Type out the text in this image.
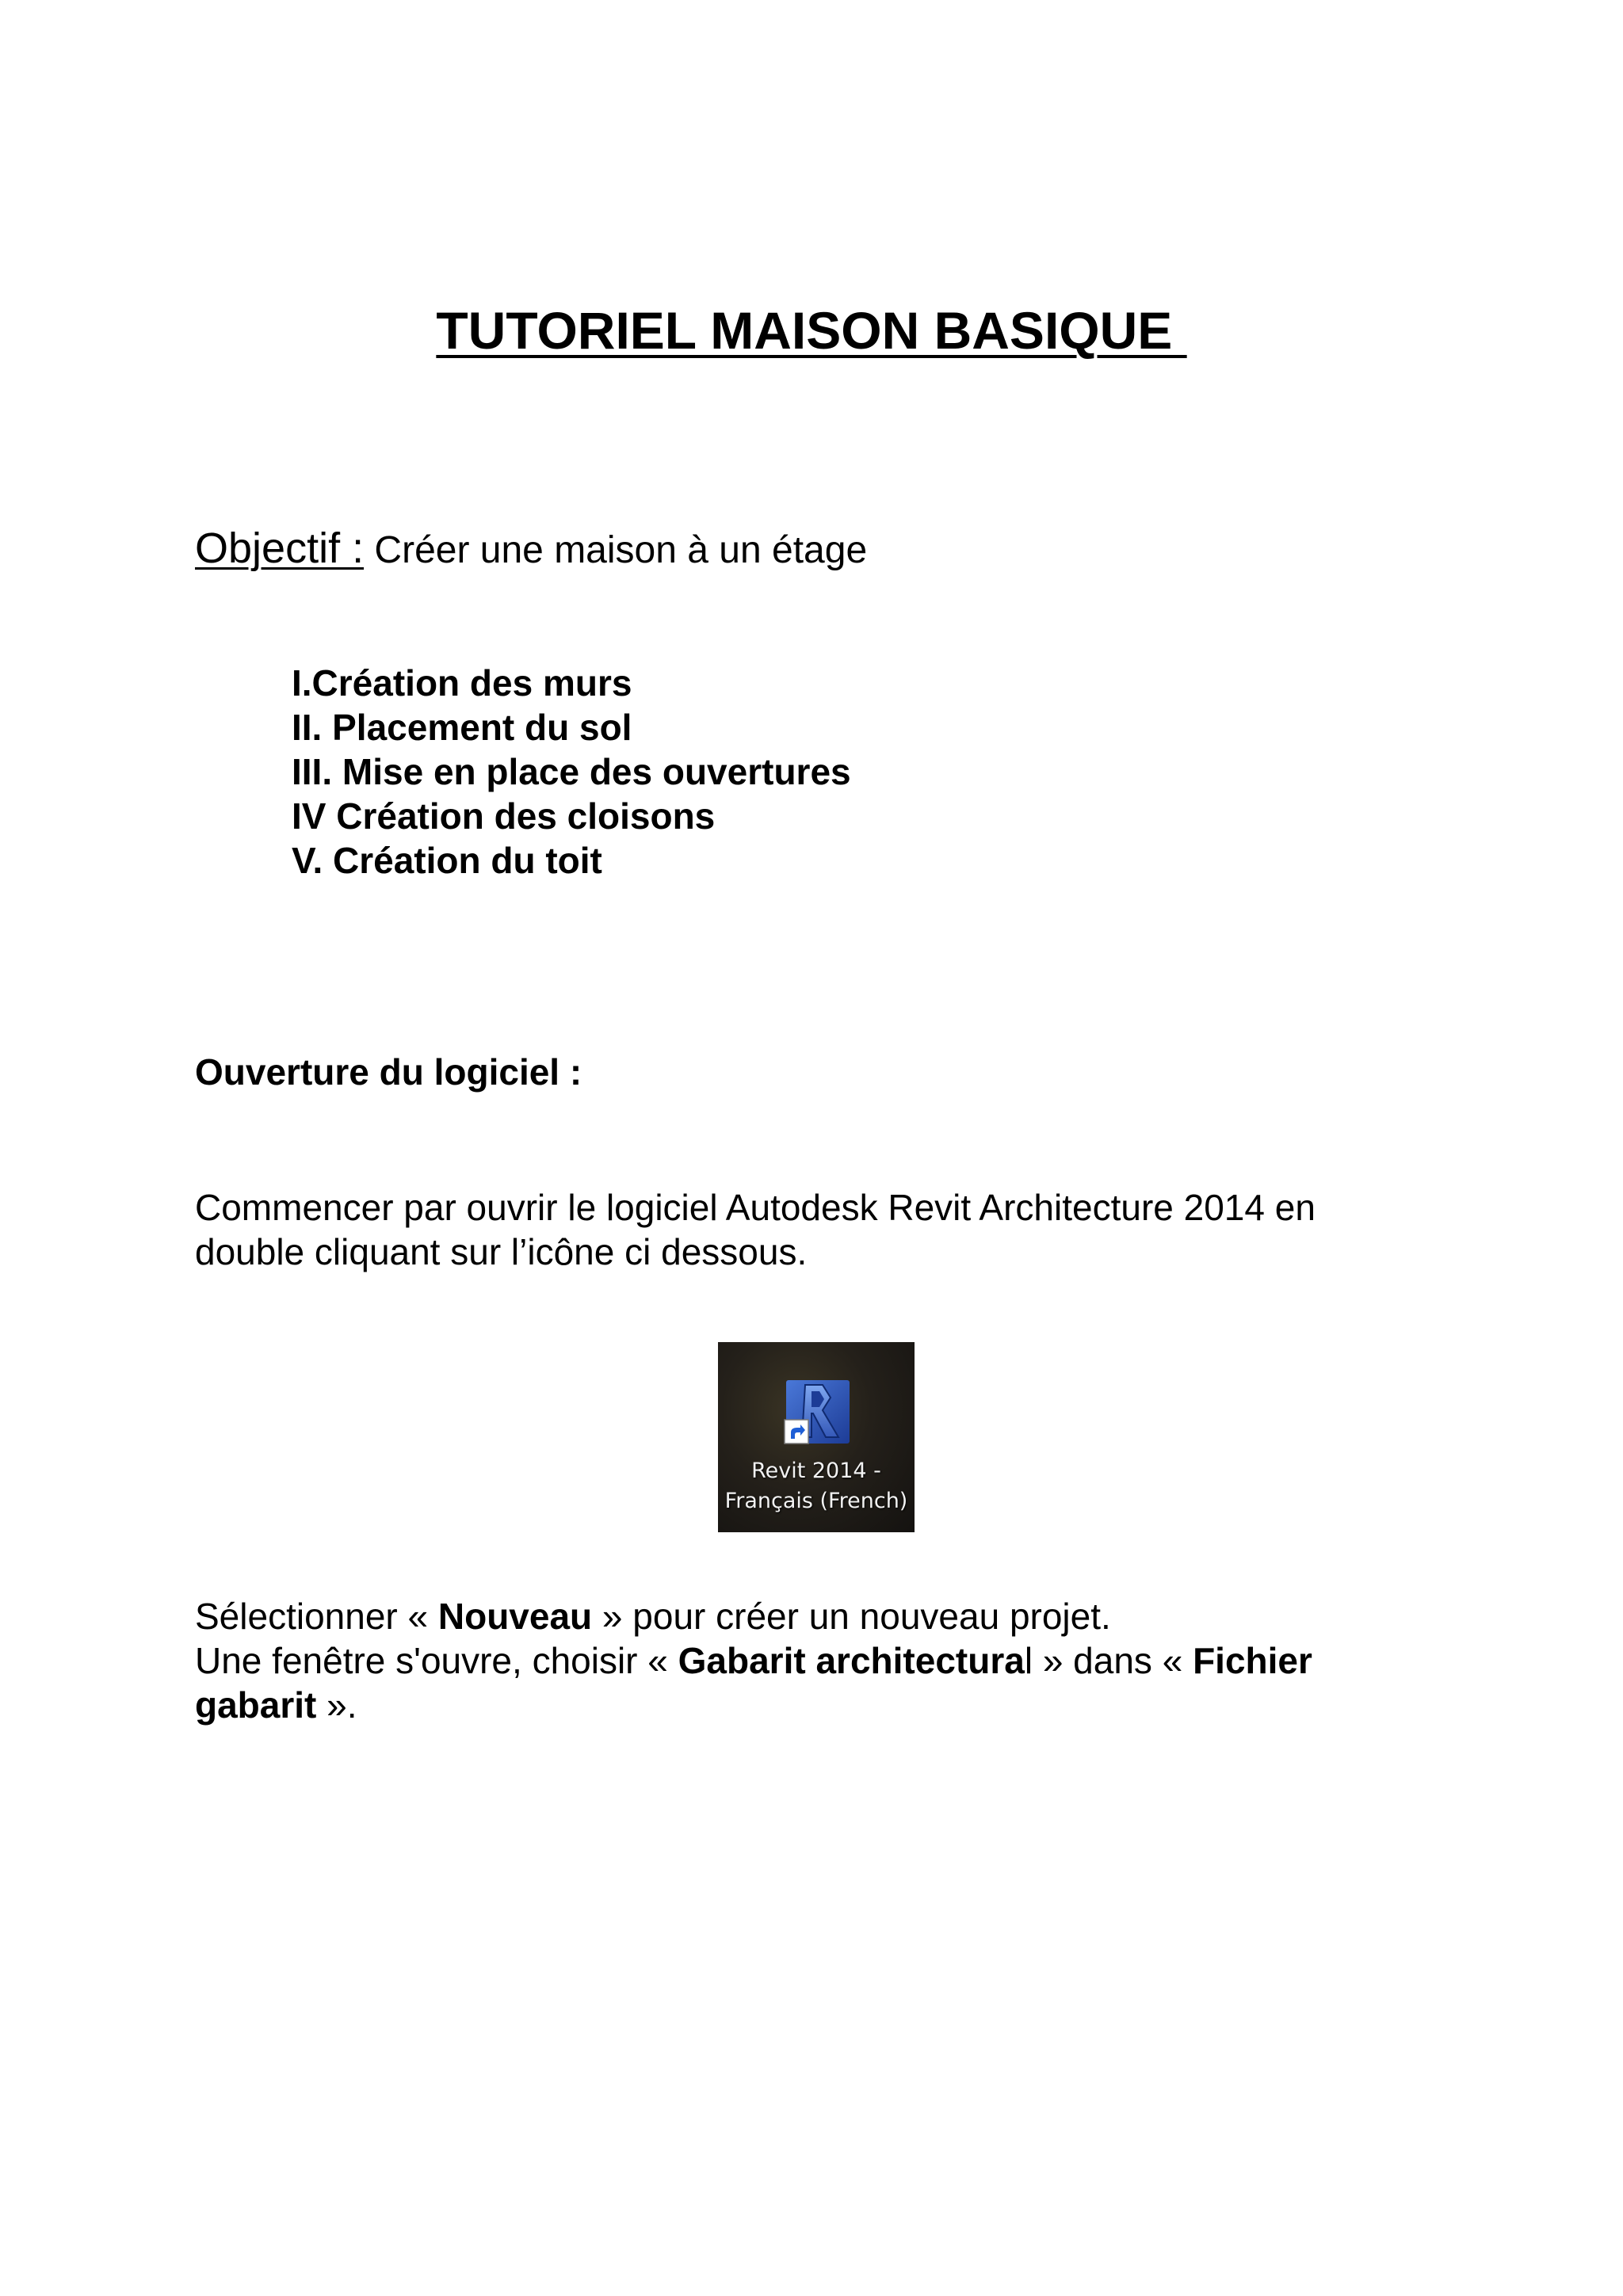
TUTORIEL MAISON BASIQUE
Objectif : Créer une maison à un étage
I.Création des murs
II. Placement du sol
III. Mise en place des ouvertures
IV Création des cloisons
V. Création du toit
Ouverture du logiciel :

Commencer par ouvrir le logiciel Autodesk Revit Architecture 2014 en
double cliquant sur l’icône ci dessous.

Revit 2014 -
Français (French)

Sélectionner « Nouveau » pour créer un nouveau projet.
Une fenêtre s'ouvre, choisir « Gabarit architectural » dans « Fichier
gabarit ».
